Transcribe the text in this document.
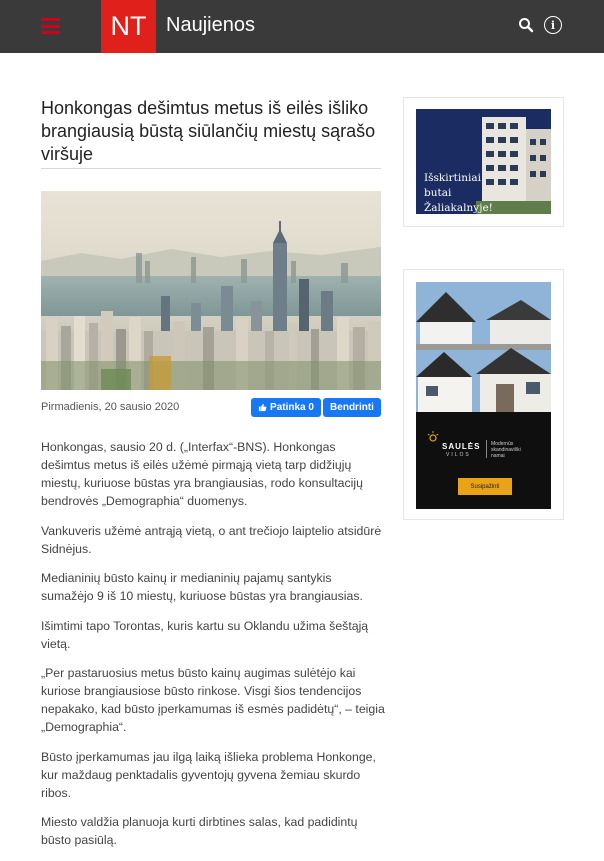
NT Naujienos	i
Honkongas dešimtus metus iš eilės išliko brangiausią būstą siūlančių miestų sąrašo viršuje
Pirmadienis, 20 sausio 2020	Patinka 0	Bendrinti

Honkongas, sausio 20 d. („Interfax“-BNS). Honkongas dešimtus metus iš eilės užėmė pirmąją vietą tarp didžiųjų miestų, kuriuose būstas yra brangiausias, rodo konsultacijų bendrovės „Demographia“ duomenys.

Vankuveris užėmė antrąją vietą, o ant trečiojo laiptelio atsidūrė Sidnėjus.

Medianinių būsto kainų ir medianinių pajamų santykis sumažėjo 9 iš 10 miestų, kuriuose būstas yra brangiausias.

Išimtimi tapo Torontas, kuris kartu su Oklandu užima šeštąją vietą.

„Per pastaruosius metus būsto kainų augimas sulėtėjo kai kuriose brangiausiose būsto rinkose. Visgi šios tendencijos nepakako, kad būsto įperkamumas iš esmės padidėtų“, – teigia „Demographia“.

Būsto įperkamumas jau ilgą laiką išlieka problema Honkonge, kur maždaug penktadalis gyventojų gyvena žemiau skurdo ribos.

Miesto valdžia planuoja kurti dirbtines salas, kad padidintų būsto pasiūlą.

Išskirtiniai
butai
Žaliakalnyje!
SAULĖS
VILOS
Modernūs
skandinaviški
namai
Susipažinti
